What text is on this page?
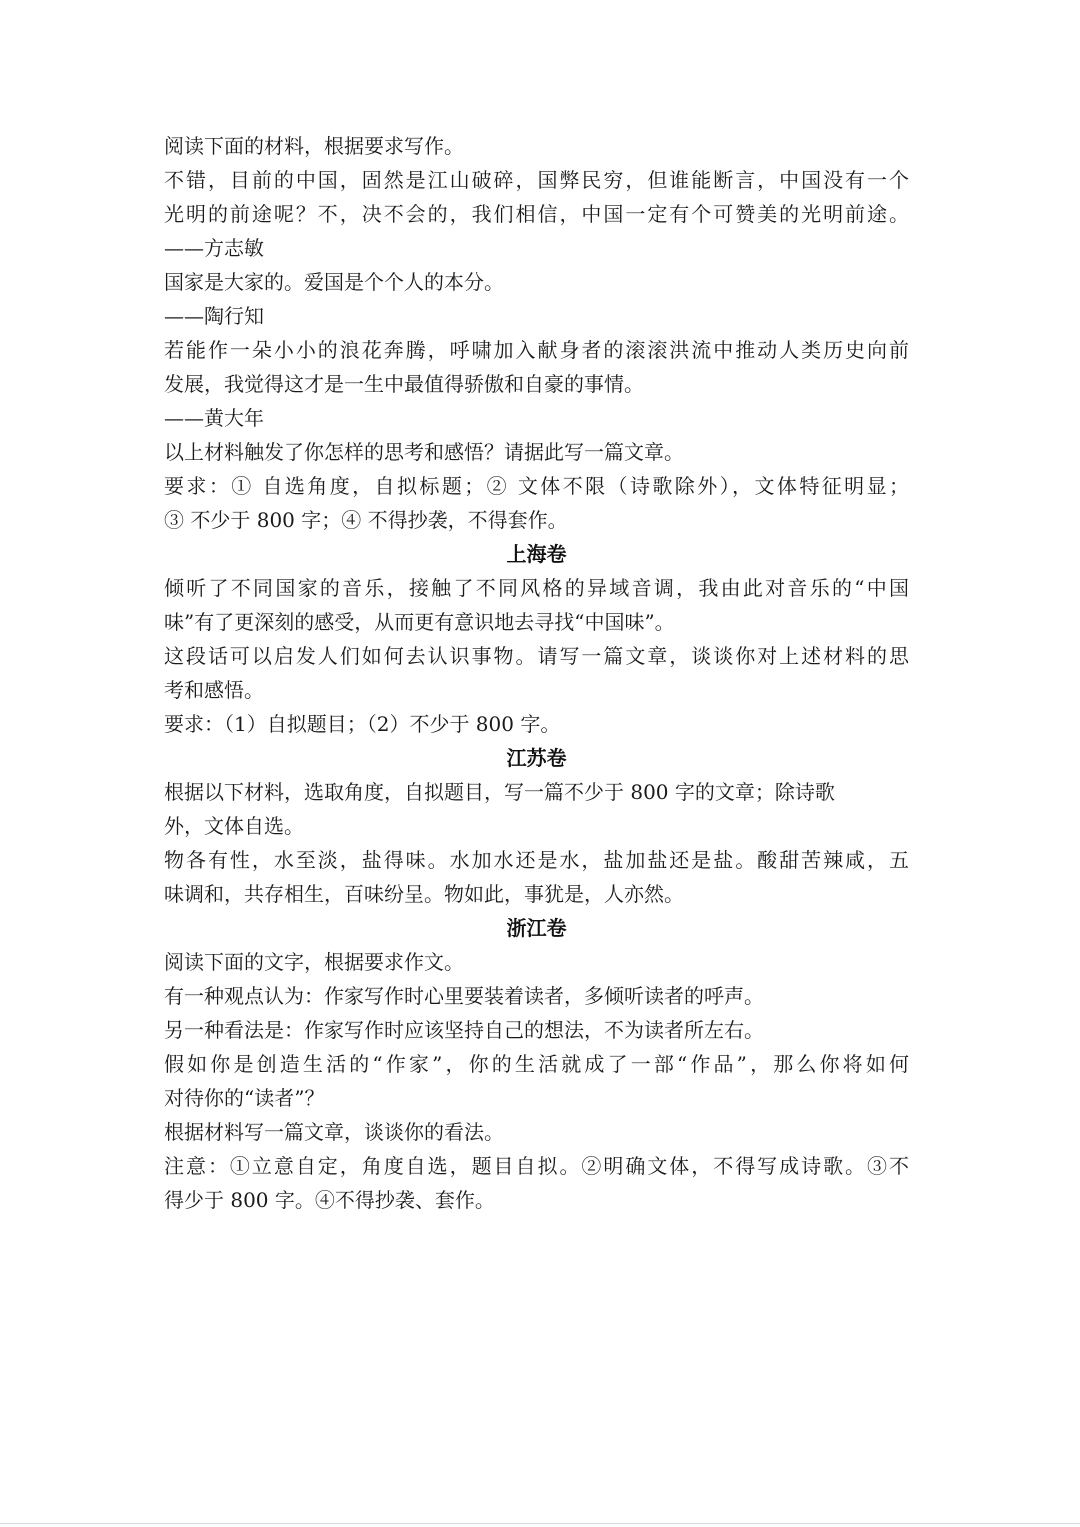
阅读下面的材料，根据要求写作。
不错，目前的中国，固然是江山破碎，国弊民穷，但谁能断言，中国没有一个
光明的前途呢？不，决不会的，我们相信，中国一定有个可赞美的光明前途。
——方志敏
国家是大家的。爱国是个个人的本分。
——陶行知
若能作一朵小小的浪花奔腾，呼啸加入献身者的滚滚洪流中推动人类历史向前
发展，我觉得这才是一生中最值得骄傲和自豪的事情。
——黄大年
以上材料触发了你怎样的思考和感悟？请据此写一篇文章。
要求：① 自选角度，自拟标题；② 文体不限（诗歌除外），文体特征明显；
③ 不少于 800 字；④ 不得抄袭，不得套作。
上海卷
倾听了不同国家的音乐，接触了不同风格的异域音调，我由此对音乐的“中国
味”有了更深刻的感受，从而更有意识地去寻找“中国味”。
这段话可以启发人们如何去认识事物。请写一篇文章，谈谈你对上述材料的思
考和感悟。
要求：（1）自拟题目；（2）不少于 800 字。
江苏卷
根据以下材料，选取角度，自拟题目，写一篇不少于 800 字的文章；除诗歌
外，文体自选。
物各有性，水至淡，盐得味。水加水还是水，盐加盐还是盐。酸甜苦辣咸，五
味调和，共存相生，百味纷呈。物如此，事犹是，人亦然。
浙江卷
阅读下面的文字，根据要求作文。
有一种观点认为：作家写作时心里要装着读者，多倾听读者的呼声。
另一种看法是：作家写作时应该坚持自己的想法，不为读者所左右。
假如你是创造生活的“作家”，你的生活就成了一部“作品”，那么你将如何
对待你的“读者”？
根据材料写一篇文章，谈谈你的看法。
注意：①立意自定，角度自选，题目自拟。②明确文体，不得写成诗歌。③不
得少于 800 字。④不得抄袭、套作。
